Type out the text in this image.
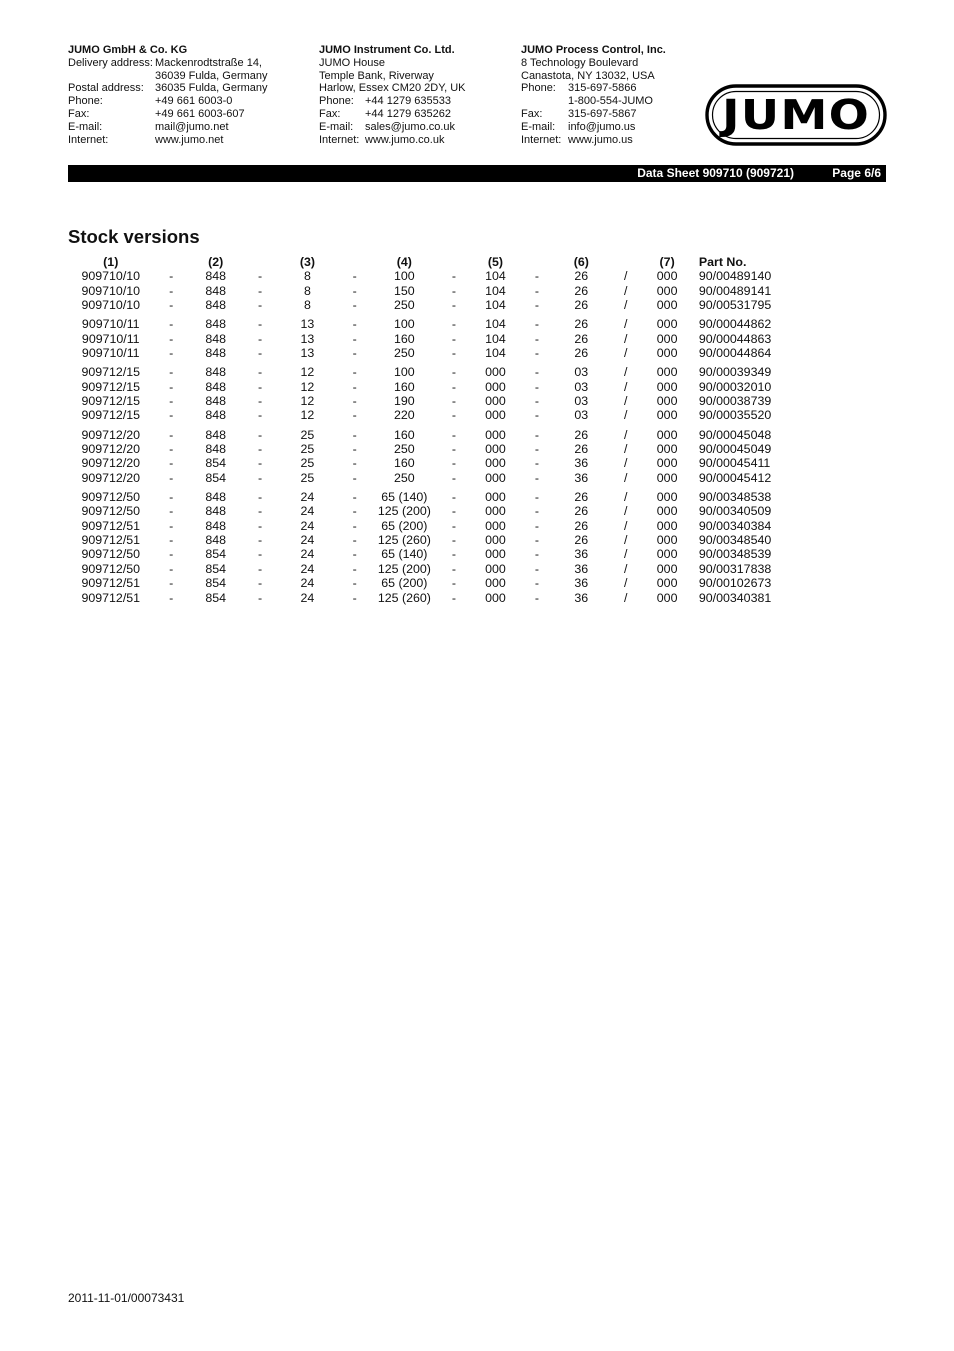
JUMO GmbH & Co. KG
Delivery address: Mackenrodtstraße 14,
36039 Fulda, Germany
Postal address:	36035 Fulda, Germany
Phone:	+49 661 6003-0
Fax:	+49 661 6003-607
E-mail:	mail@jumo.net
Internet:	www.jumo.net
JUMO Instrument Co. Ltd.
JUMO House
Temple Bank, Riverway
Harlow, Essex CM20 2DY, UK
Phone:	+44 1279 635533
Fax:	+44 1279 635262
E-mail:	sales@jumo.co.uk
Internet: www.jumo.co.uk
JUMO Process Control, Inc.
8 Technology Boulevard
Canastota, NY 13032, USA
Phone:	315-697-5866
1-800-554-JUMO
Fax:	315-697-5867
E-mail:	info@jumo.us
Internet: www.jumo.us
JUMO
Data Sheet 909710 (909721)	Page 6/6
Stock versions
(1)		(2)		(3)		(4)		(5)		(6)		(7)	Part No.
909710/10	-	848	-	8	-	100	-	104	-	26	/	000	90/00489140
909710/10	-	848	-	8	-	150	-	104	-	26	/	000	90/00489141
909710/10	-	848	-	8	-	250	-	104	-	26	/	000	90/00531795
909710/11	-	848	-	13	-	100	-	104	-	26	/	000	90/00044862
909710/11	-	848	-	13	-	160	-	104	-	26	/	000	90/00044863
909710/11	-	848	-	13	-	250	-	104	-	26	/	000	90/00044864
909712/15	-	848	-	12	-	100	-	000	-	03	/	000	90/00039349
909712/15	-	848	-	12	-	160	-	000	-	03	/	000	90/00032010
909712/15	-	848	-	12	-	190	-	000	-	03	/	000	90/00038739
909712/15	-	848	-	12	-	220	-	000	-	03	/	000	90/00035520
909712/20	-	848	-	25	-	160	-	000	-	26	/	000	90/00045048
909712/20	-	848	-	25	-	250	-	000	-	26	/	000	90/00045049
909712/20	-	854	-	25	-	160	-	000	-	36	/	000	90/00045411
909712/20	-	854	-	25	-	250	-	000	-	36	/	000	90/00045412
909712/50	-	848	-	24	-	65 (140)	-	000	-	26	/	000	90/00348538
909712/50	-	848	-	24	-	125 (200)	-	000	-	26	/	000	90/00340509
909712/51	-	848	-	24	-	65 (200)	-	000	-	26	/	000	90/00340384
909712/51	-	848	-	24	-	125 (260)	-	000	-	26	/	000	90/00348540
909712/50	-	854	-	24	-	65 (140)	-	000	-	36	/	000	90/00348539
909712/50	-	854	-	24	-	125 (200)	-	000	-	36	/	000	90/00317838
909712/51	-	854	-	24	-	65 (200)	-	000	-	36	/	000	90/00102673
909712/51	-	854	-	24	-	125 (260)	-	000	-	36	/	000	90/00340381
2011-11-01/00073431
